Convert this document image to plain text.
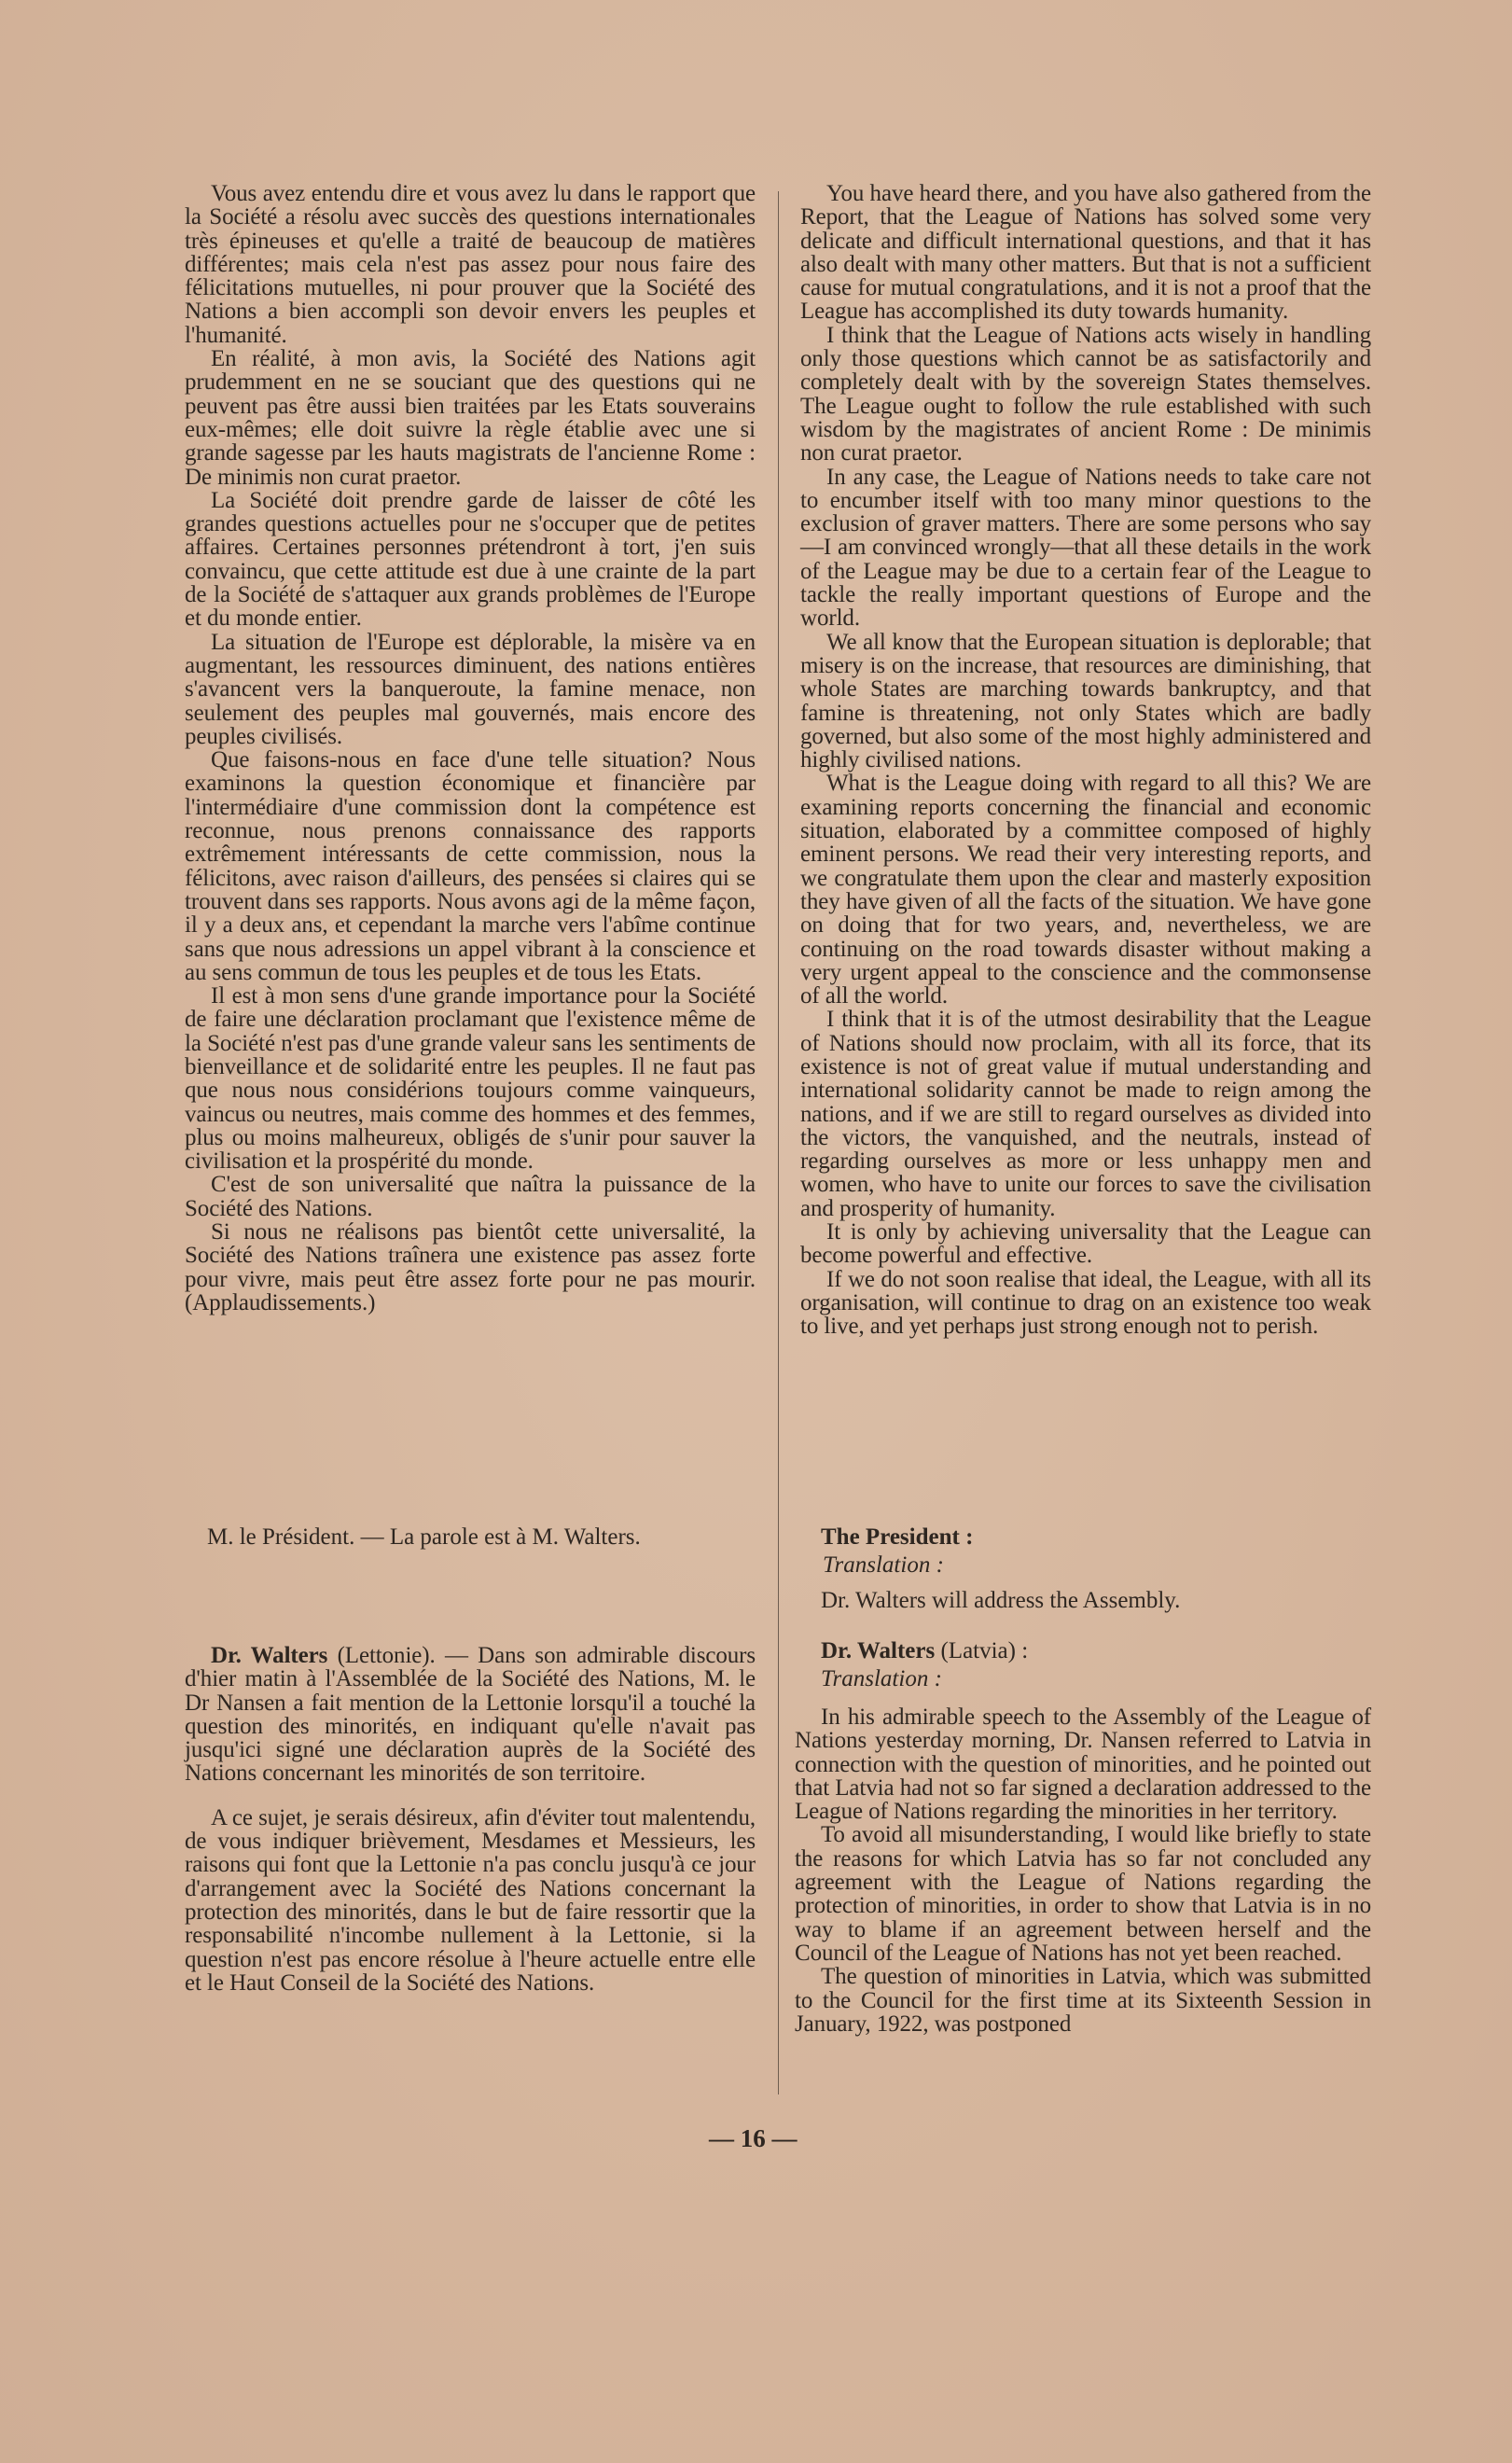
Vous avez entendu dire et vous avez lu dans le rapport que la Société a résolu avec succès des questions internationales très épineuses et qu'elle a traité de beaucoup de matières différentes; mais cela n'est pas assez pour nous faire des félicitations mutuelles, ni pour prouver que la Société des Nations a bien accompli son devoir envers les peuples et l'humanité.

En réalité, à mon avis, la Société des Nations agit prudemment en ne se souciant que des questions qui ne peuvent pas être aussi bien traitées par les Etats souverains eux-mêmes; elle doit suivre la règle établie avec une si grande sagesse par les hauts magistrats de l'ancienne Rome : De minimis non curat praetor.

La Société doit prendre garde de laisser de côté les grandes questions actuelles pour ne s'occuper que de petites affaires. Certaines personnes prétendront à tort, j'en suis convaincu, que cette attitude est due à une crainte de la part de la Société de s'attaquer aux grands problèmes de l'Europe et du monde entier.

La situation de l'Europe est déplorable, la misère va en augmentant, les ressources diminuent, des nations entières s'avancent vers la banqueroute, la famine menace, non seulement des peuples mal gouvernés, mais encore des peuples civilisés.

Que faisons-nous en face d'une telle situation? Nous examinons la question économique et financière par l'intermédiaire d'une commission dont la compétence est reconnue, nous prenons connaissance des rapports extrêmement intéressants de cette commission, nous la félicitons, avec raison d'ailleurs, des pensées si claires qui se trouvent dans ses rapports. Nous avons agi de la même façon, il y a deux ans, et cependant la marche vers l'abîme continue sans que nous adressions un appel vibrant à la conscience et au sens commun de tous les peuples et de tous les Etats.

Il est à mon sens d'une grande importance pour la Société de faire une déclaration proclamant que l'existence même de la Société n'est pas d'une grande valeur sans les sentiments de bienveillance et de solidarité entre les peuples. Il ne faut pas que nous nous considérions toujours comme vainqueurs, vaincus ou neutres, mais comme des hommes et des femmes, plus ou moins malheureux, obligés de s'unir pour sauver la civilisation et la prospérité du monde.

C'est de son universalité que naîtra la puissance de la Société des Nations.

Si nous ne réalisons pas bientôt cette universalité, la Société des Nations traînera une existence pas assez forte pour vivre, mais peut être assez forte pour ne pas mourir. (Applaudissements.)

M. le Président. — La parole est à M. Walters.

Dr. Walters (Lettonie). — Dans son admirable discours d'hier matin à l'Assemblée de la Société des Nations, M. le Dr Nansen a fait mention de la Lettonie lorsqu'il a touché la question des minorités, en indiquant qu'elle n'avait pas jusqu'ici signé une déclaration auprès de la Société des Nations concernant les minorités de son territoire.

A ce sujet, je serais désireux, afin d'éviter tout malentendu, de vous indiquer brièvement, Mesdames et Messieurs, les raisons qui font que la Lettonie n'a pas conclu jusqu'à ce jour d'arrangement avec la Société des Nations concernant la protection des minorités, dans le but de faire ressortir que la responsabilité n'incombe nullement à la Lettonie, si la question n'est pas encore résolue à l'heure actuelle entre elle et le Haut Conseil de la Société des Nations.

You have heard there, and you have also gathered from the Report, that the League of Nations has solved some very delicate and difficult international questions, and that it has also dealt with many other matters. But that is not a sufficient cause for mutual congratulations, and it is not a proof that the League has accomplished its duty towards humanity.

I think that the League of Nations acts wisely in handling only those questions which cannot be as satisfactorily and completely dealt with by the sovereign States themselves. The League ought to follow the rule established with such wisdom by the magistrates of ancient Rome : De minimis non curat praetor.

In any case, the League of Nations needs to take care not to encumber itself with too many minor questions to the exclusion of graver matters. There are some persons who say—I am convinced wrongly—that all these details in the work of the League may be due to a certain fear of the League to tackle the really important questions of Europe and the world.

We all know that the European situation is deplorable; that misery is on the increase, that resources are diminishing, that whole States are marching towards bankruptcy, and that famine is threatening, not only States which are badly governed, but also some of the most highly administered and highly civilised nations.

What is the League doing with regard to all this? We are examining reports concerning the financial and economic situation, elaborated by a committee composed of highly eminent persons. We read their very interesting reports, and we congratulate them upon the clear and masterly exposition they have given of all the facts of the situation. We have gone on doing that for two years, and, nevertheless, we are continuing on the road towards disaster without making a very urgent appeal to the conscience and the commonsense of all the world.

I think that it is of the utmost desirability that the League of Nations should now proclaim, with all its force, that its existence is not of great value if mutual understanding and international solidarity cannot be made to reign among the nations, and if we are still to regard ourselves as divided into the victors, the vanquished, and the neutrals, instead of regarding ourselves as more or less unhappy men and women, who have to unite our forces to save the civilisation and prosperity of humanity.

It is only by achieving universality that the League can become powerful and effective.

If we do not soon realise that ideal, the League, with all its organisation, will continue to drag on an existence too weak to live, and yet perhaps just strong enough not to perish.

The President :

Translation :

Dr. Walters will address the Assembly.

Dr. Walters (Latvia) :

Translation :

In his admirable speech to the Assembly of the League of Nations yesterday morning, Dr. Nansen referred to Latvia in connection with the question of minorities, and he pointed out that Latvia had not so far signed a declaration addressed to the League of Nations regarding the minorities in her territory.

To avoid all misunderstanding, I would like briefly to state the reasons for which Latvia has so far not concluded any agreement with the League of Nations regarding the protection of minorities, in order to show that Latvia is in no way to blame if an agreement between herself and the Council of the League of Nations has not yet been reached.

The question of minorities in Latvia, which was submitted to the Council for the first time at its Sixteenth Session in January, 1922, was postponed

— 16 —
